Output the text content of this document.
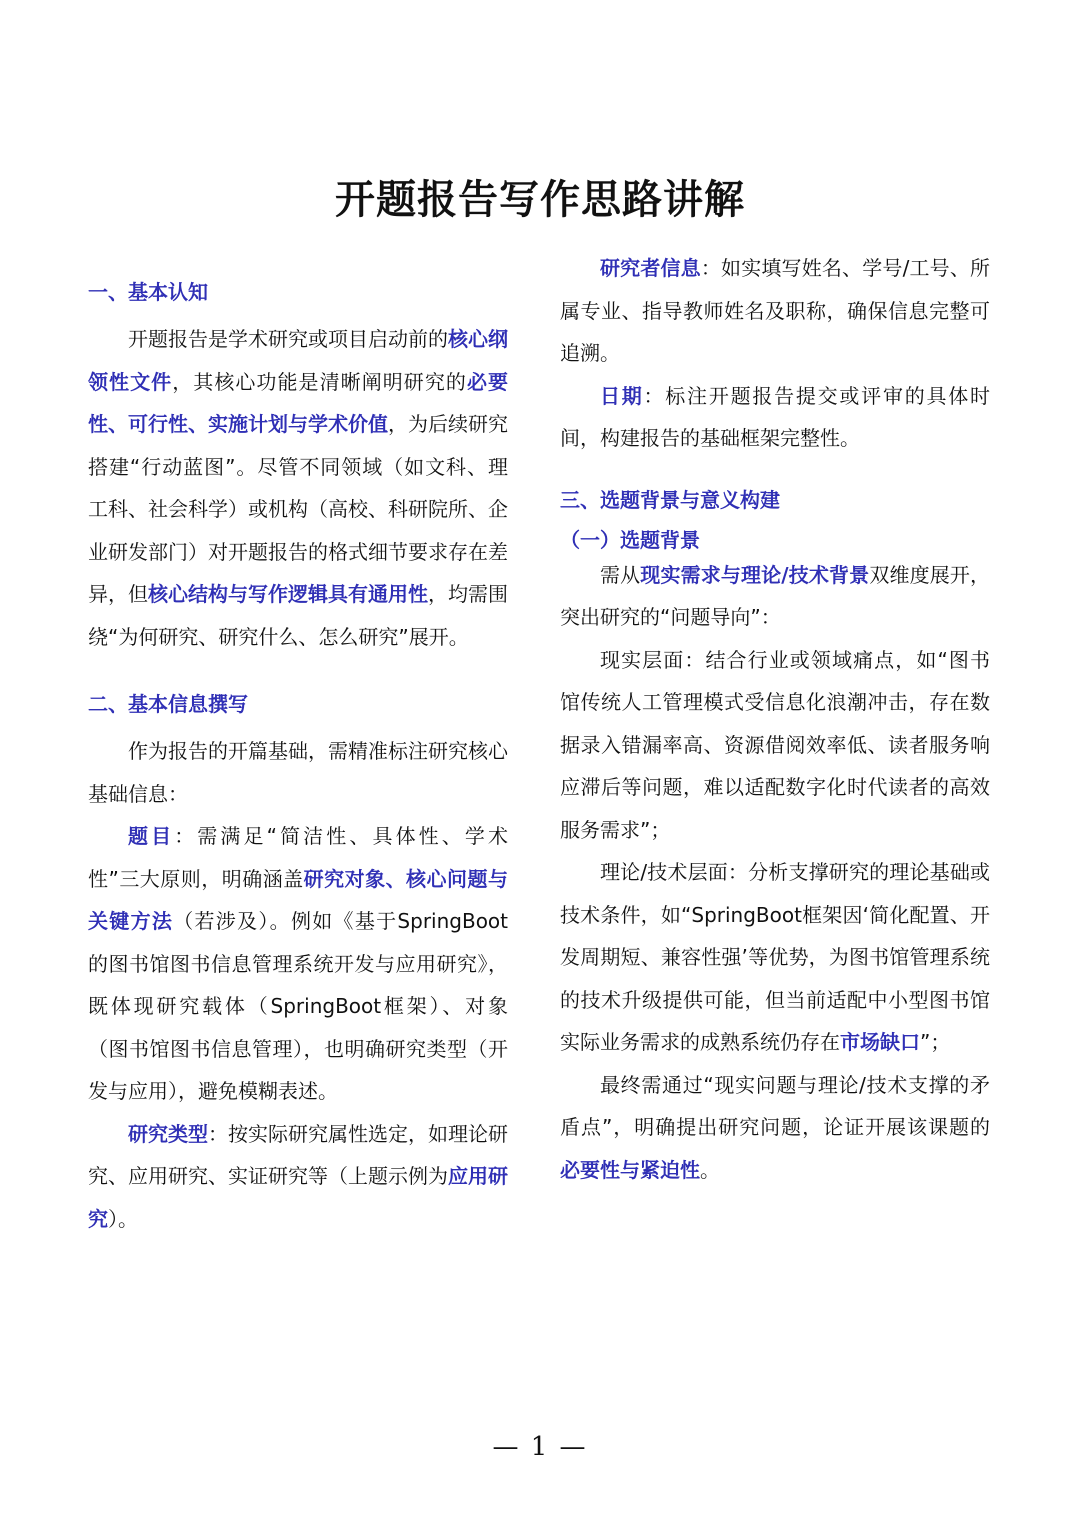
开题报告写作思路讲解
一、基本认知

开题报告是学术研究或项目启动前的核心纲领性文件，其核心功能是清晰阐明研究的必要性、可行性、实施计划与学术价值，为后续研究搭建“行动蓝图”。尽管不同领域（如文科、理工科、社会科学）或机构（高校、科研院所、企业研发部门）对开题报告的格式细节要求存在差异，但核心结构与写作逻辑具有通用性，均需围绕“为何研究、研究什么、怎么研究”展开。

二、基本信息撰写

作为报告的开篇基础，需精准标注研究核心基础信息：

题目：需满足“简洁性、具体性、学术性”三大原则，明确涵盖研究对象、核心问题与关键方法（若涉及）。例如《基于SpringBoot的图书馆图书信息管理系统开发与应用研究》，既体现研究载体（SpringBoot框架）、对象（图书馆图书信息管理），也明确研究类型（开发与应用），避免模糊表述。

研究类型：按实际研究属性选定，如理论研究、应用研究、实证研究等（上题示例为应用研究）。

研究者信息：如实填写姓名、学号/工号、所属专业、指导教师姓名及职称，确保信息完整可追溯。

日期：标注开题报告提交或评审的具体时间，构建报告的基础框架完整性。

三、选题背景与意义构建
（一）选题背景

需从现实需求与理论/技术背景双维度展开，突出研究的“问题导向”：

现实层面：结合行业或领域痛点，如“图书馆传统人工管理模式受信息化浪潮冲击，存在数据录入错漏率高、资源借阅效率低、读者服务响应滞后等问题，难以适配数字化时代读者的高效服务需求”；

理论/技术层面：分析支撑研究的理论基础或技术条件，如“SpringBoot框架因‘简化配置、开发周期短、兼容性强’等优势，为图书馆管理系统的技术升级提供可能，但当前适配中小型图书馆实际业务需求的成熟系统仍存在市场缺口”；

最终需通过“现实问题与理论/技术支撑的矛盾点”，明确提出研究问题，论证开展该课题的必要性与紧迫性。

— 1 —
